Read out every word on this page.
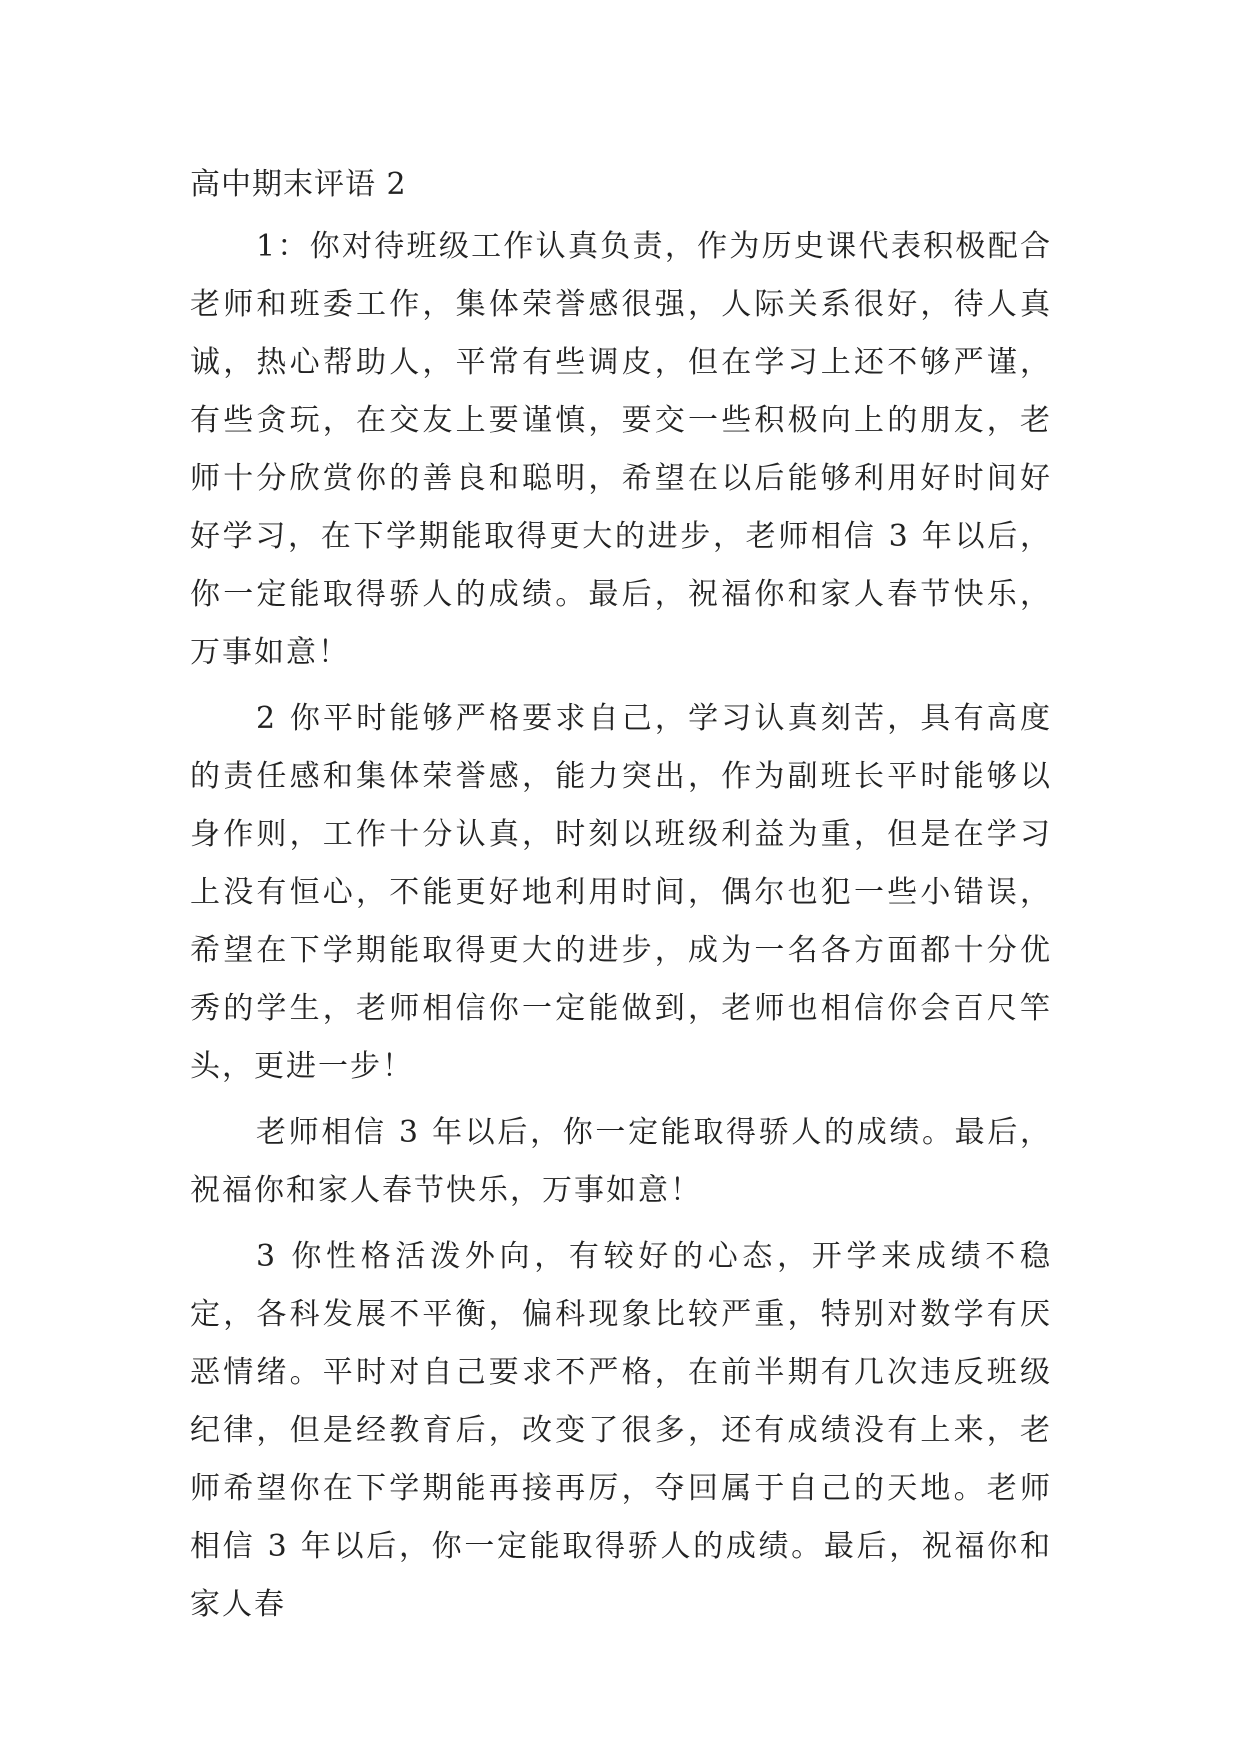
高中期末评语 2

1：你对待班级工作认真负责，作为历史课代表积极配合老师和班委工作，集体荣誉感很强，人际关系很好，待人真诚，热心帮助人，平常有些调皮，但在学习上还不够严谨，有些贪玩，在交友上要谨慎，要交一些积极向上的朋友，老师十分欣赏你的善良和聪明，希望在以后能够利用好时间好好学习，在下学期能取得更大的进步，老师相信 3 年以后，你一定能取得骄人的成绩。最后，祝福你和家人春节快乐，万事如意！

2 你平时能够严格要求自己，学习认真刻苦，具有高度的责任感和集体荣誉感，能力突出，作为副班长平时能够以身作则，工作十分认真，时刻以班级利益为重，但是在学习上没有恒心，不能更好地利用时间，偶尔也犯一些小错误，希望在下学期能取得更大的进步，成为一名各方面都十分优秀的学生，老师相信你一定能做到，老师也相信你会百尺竿头，更进一步！

老师相信 3 年以后，你一定能取得骄人的成绩。最后，祝福你和家人春节快乐，万事如意！

3 你性格活泼外向，有较好的心态，开学来成绩不稳定，各科发展不平衡，偏科现象比较严重，特别对数学有厌恶情绪。平时对自己要求不严格，在前半期有几次违反班级纪律，但是经教育后，改变了很多，还有成绩没有上来，老师希望你在下学期能再接再厉，夺回属于自己的天地。老师相信 3 年以后，你一定能取得骄人的成绩。最后，祝福你和家人春
